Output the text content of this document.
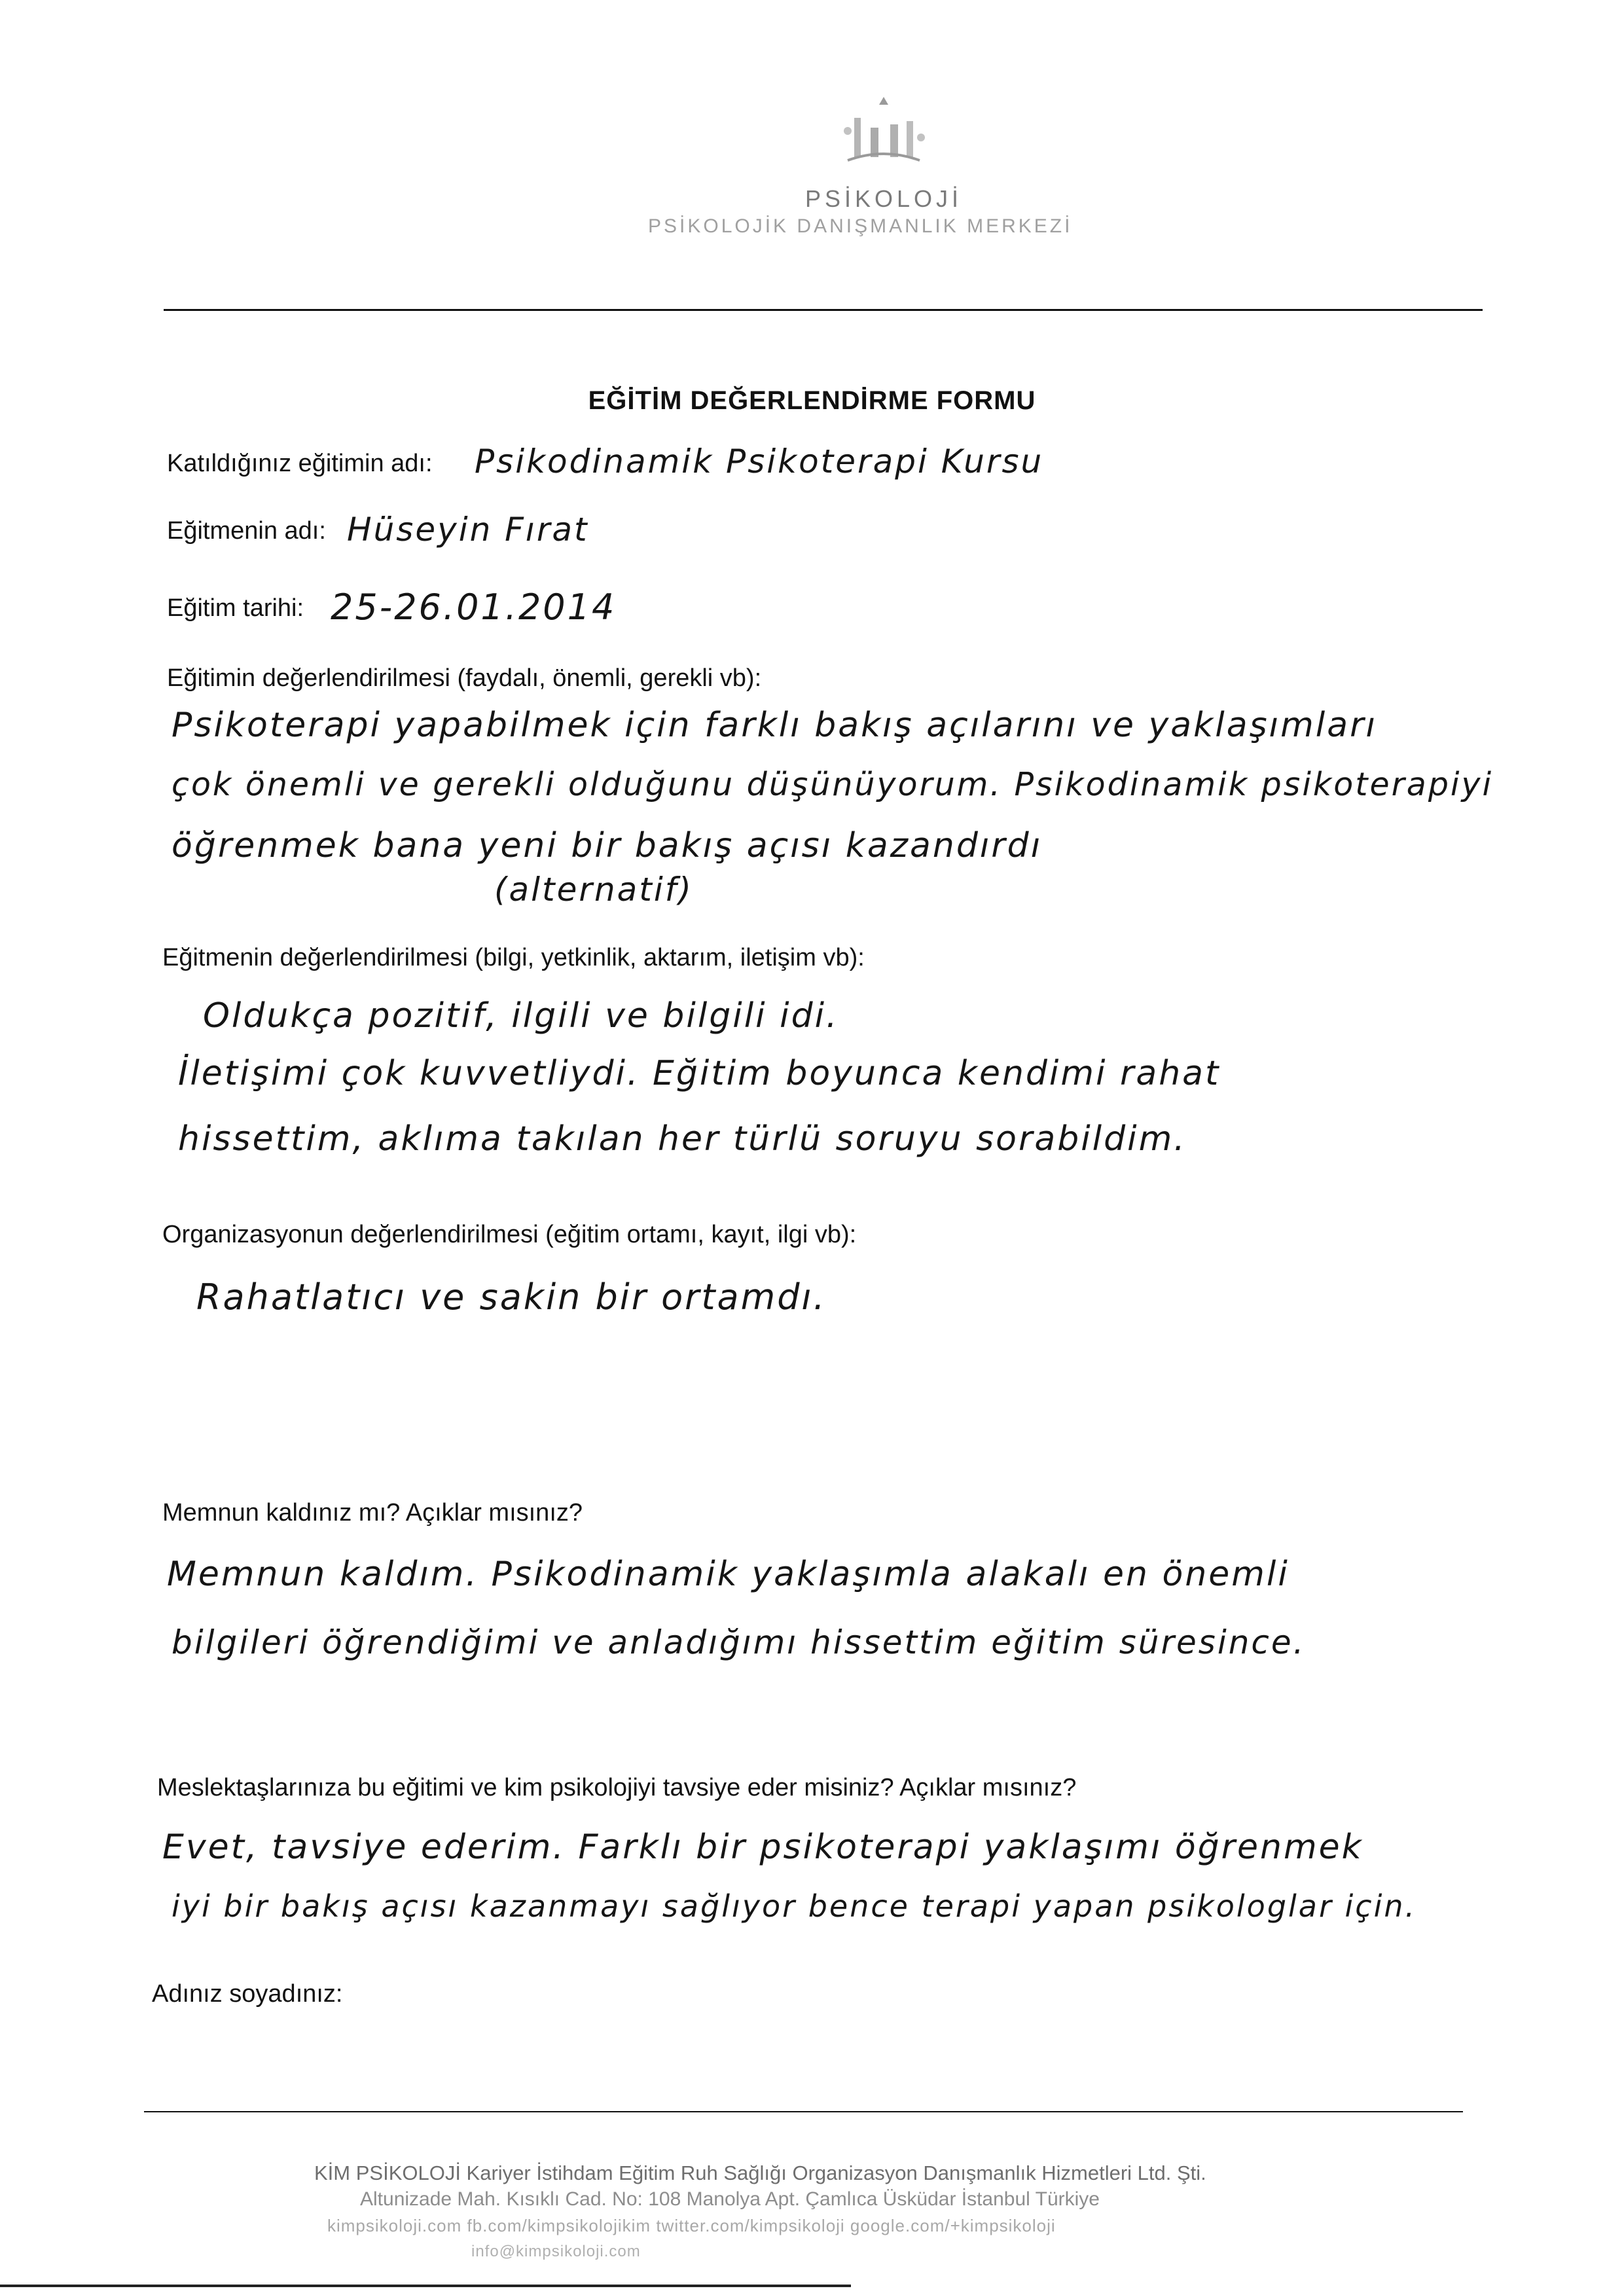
PSİKOLOJİ
PSİKOLOJİK DANIŞMANLIK MERKEZİ
EĞİTİM DEĞERLENDİRME FORMU
Katıldığınız eğitimin adı: Psikodinamik Psikoterapi Kursu
Eğitmenin adı: Hüseyin Fırat
Eğitim tarihi: 25-26.01.2014
Eğitimin değerlendirilmesi (faydalı, önemli, gerekli vb):
Psikoterapi yapabilmek için farklı bakış açılarını ve yaklaşımları
çok önemli ve gerekli olduğunu düşünüyorum. Psikodinamik psikoterapiyi
öğrenmek bana yeni bir bakış açısı kazandırdı
(alternatif)
Eğitmenin değerlendirilmesi (bilgi, yetkinlik, aktarım, iletişim vb):
Oldukça pozitif, ilgili ve bilgili idi.
İletişimi çok kuvvetliydi. Eğitim boyunca kendimi rahat
hissettim, aklıma takılan her türlü soruyu sorabildim.
Organizasyonun değerlendirilmesi (eğitim ortamı, kayıt, ilgi vb):
Rahatlatıcı ve sakin bir ortamdı.
Memnun kaldınız mı? Açıklar mısınız?
Memnun kaldım. Psikodinamik yaklaşımla alakalı en önemli
bilgileri öğrendiğimi ve anladığımı hissettim eğitim süresince.
Meslektaşlarınıza bu eğitimi ve kim psikolojiyi tavsiye eder misiniz? Açıklar mısınız?
Evet, tavsiye ederim. Farklı bir psikoterapi yaklaşımı öğrenmek
iyi bir bakış açısı kazanmayı sağlıyor bence terapi yapan psikologlar için.
Adınız soyadınız:
KİM PSİKOLOJİ Kariyer İstihdam Eğitim Ruh Sağlığı Organizasyon Danışmanlık Hizmetleri Ltd. Şti.
Altunizade Mah. Kısıklı Cad. No: 108 Manolya Apt. Çamlıca Üsküdar İstanbul Türkiye
kimpsikoloji.com fb.com/kimpsikolojikim twitter.com/kimpsikoloji google.com/+kimpsikoloji
info@kimpsikoloji.com
